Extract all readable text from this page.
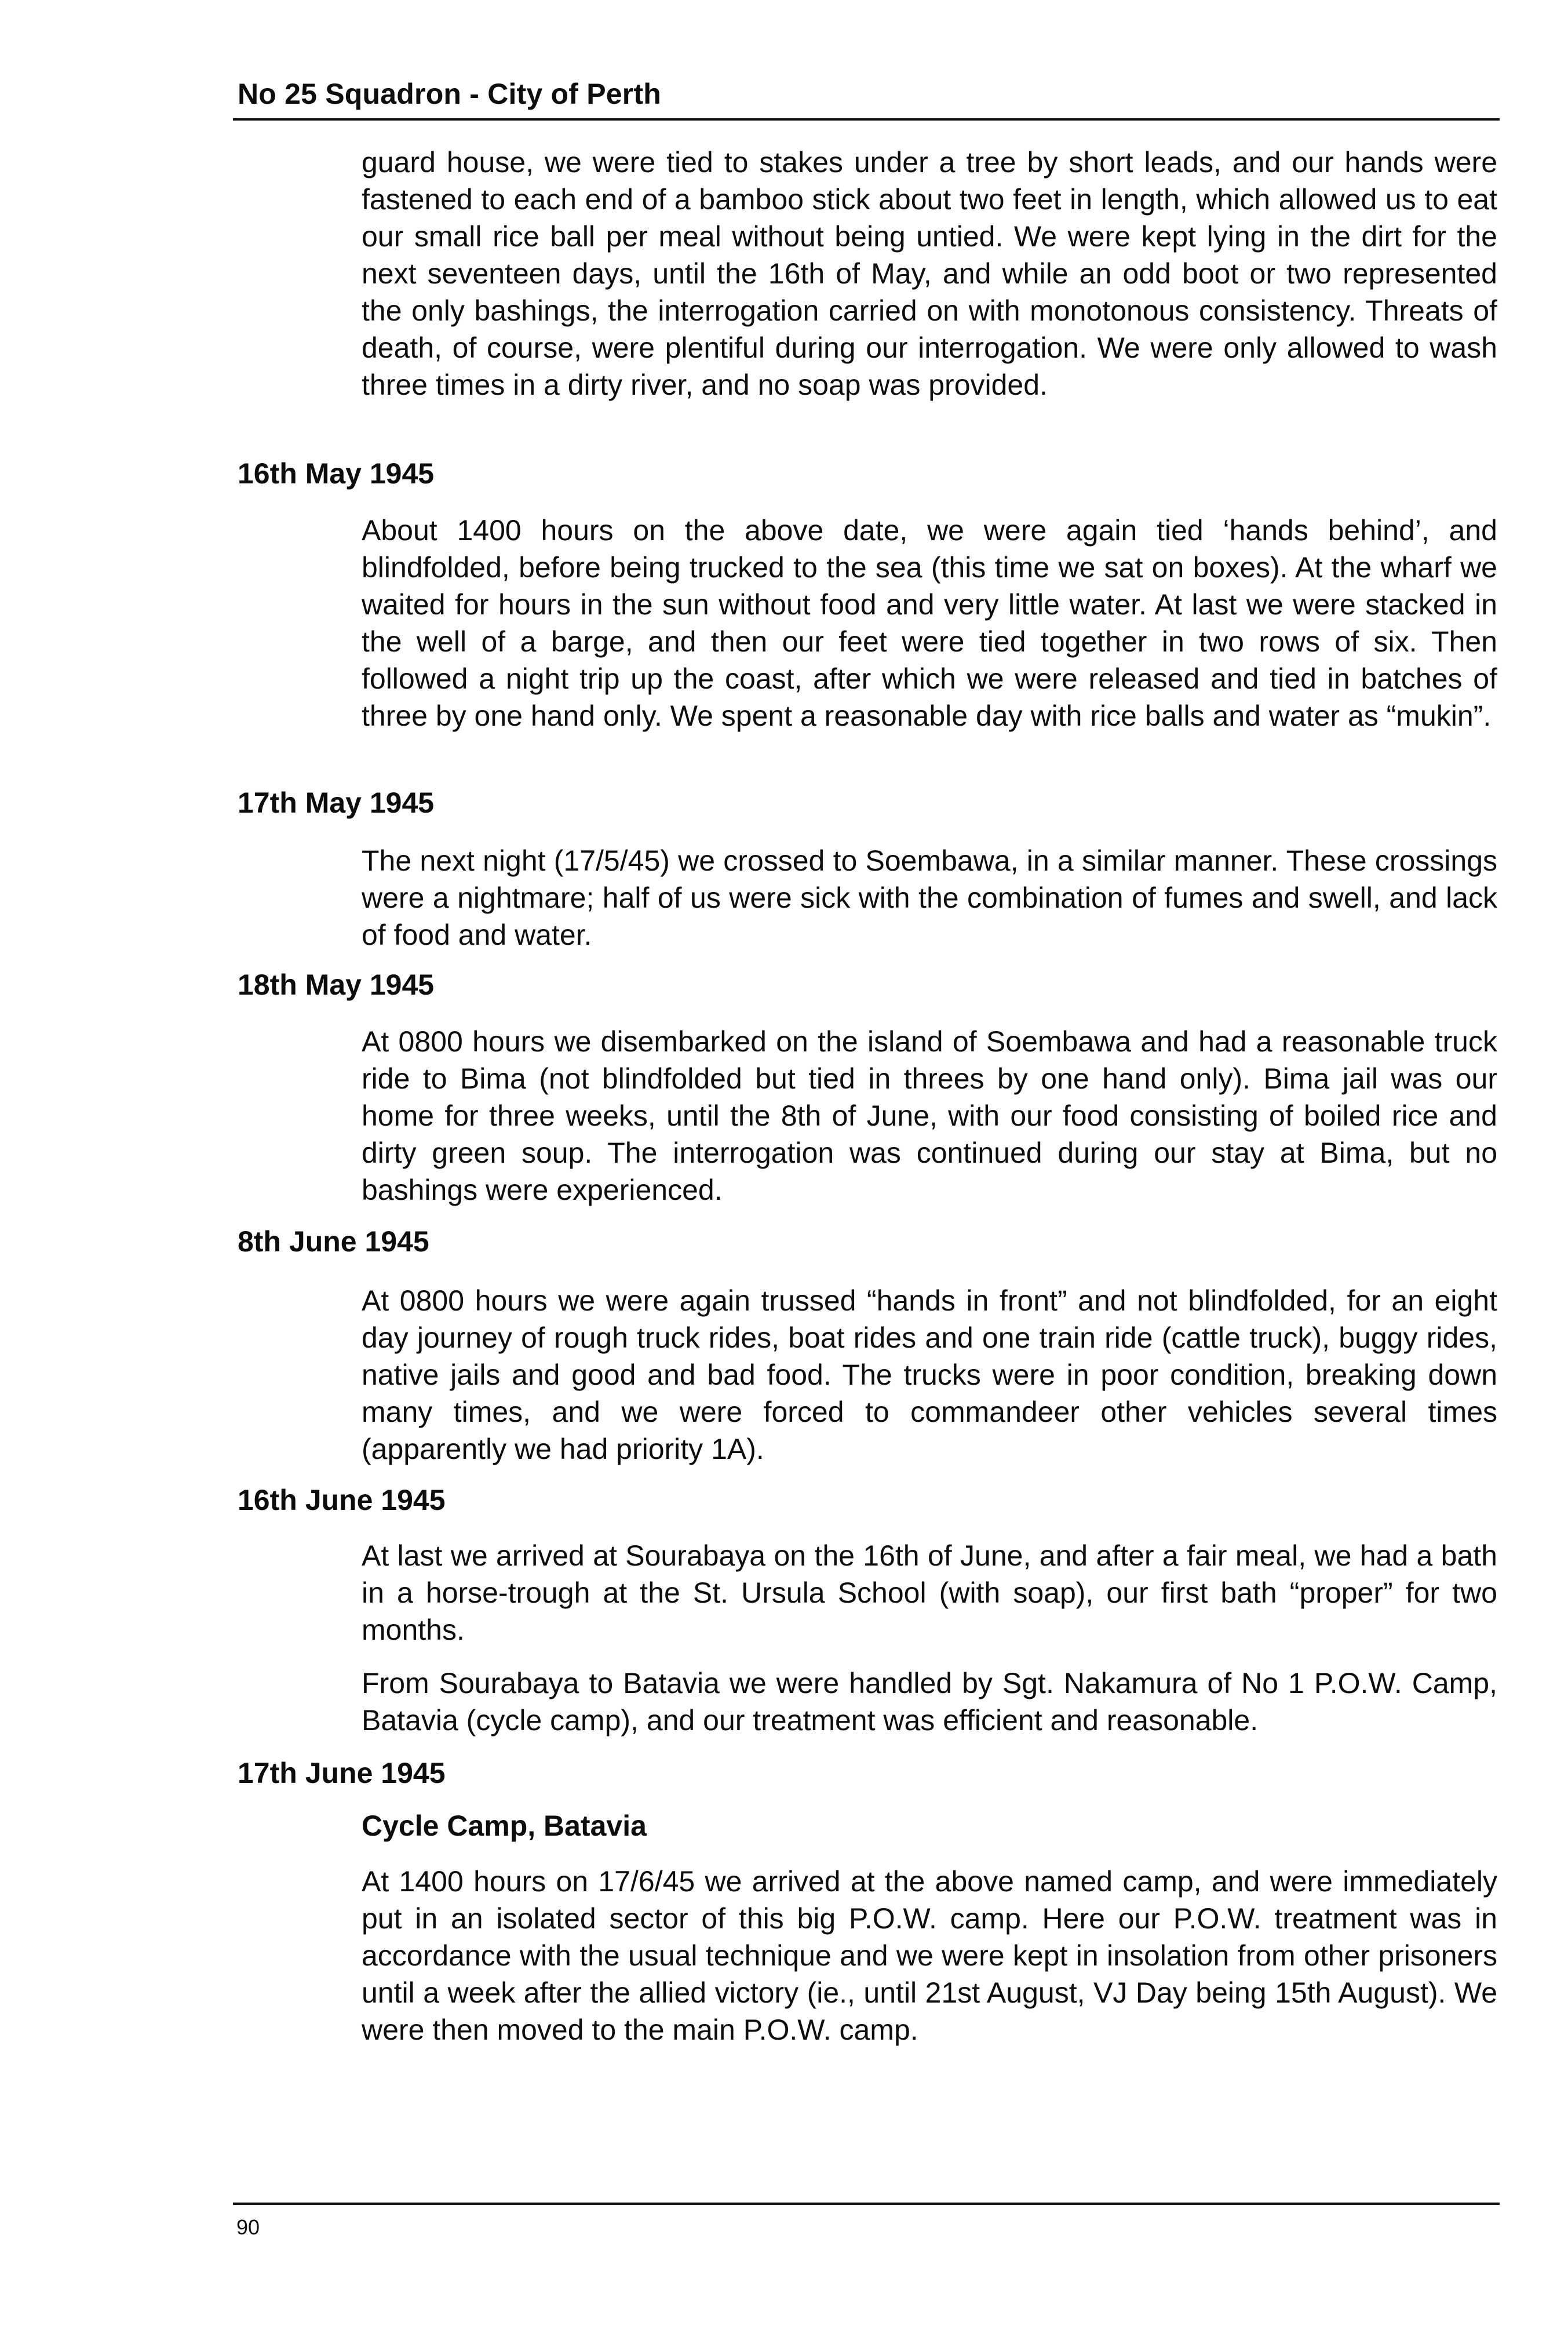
No 25 Squadron - City of Perth

guard house, we were tied to stakes under a tree by short leads, and our hands were fastened to each end of a bamboo stick about two feet in length, which allowed us to eat our small rice ball per meal without being untied. We were kept lying in the dirt for the next seventeen days, until the 16th of May, and while an odd boot or two represented the only bashings, the interrogation carried on with monotonous consistency. Threats of death, of course, were plentiful during our interrogation. We were only allowed to wash three times in a dirty river, and no soap was provided.

16th May 1945

About 1400 hours on the above date, we were again tied ‘hands behind’, and blindfolded, before being trucked to the sea (this time we sat on boxes). At the wharf we waited for hours in the sun without food and very little water. At last we were stacked in the well of a barge, and then our feet were tied together in two rows of six. Then followed a night trip up the coast, after which we were released and tied in batches of three by one hand only. We spent a reasonable day with rice balls and water as “mukin”.

17th May 1945

The next night (17/5/45) we crossed to Soembawa, in a similar manner. These crossings were a nightmare; half of us were sick with the combination of fumes and swell, and lack of food and water.

18th May 1945

At 0800 hours we disembarked on the island of Soembawa and had a reasonable truck ride to Bima (not blindfolded but tied in threes by one hand only). Bima jail was our home for three weeks, until the 8th of June, with our food consisting of boiled rice and dirty green soup. The interrogation was continued during our stay at Bima, but no bashings were experienced.

8th June 1945

At 0800 hours we were again trussed “hands in front” and not blindfolded, for an eight day journey of rough truck rides, boat rides and one train ride (cattle truck), buggy rides, native jails and good and bad food. The trucks were in poor condition, breaking down many times, and we were forced to commandeer other vehicles several times (apparently we had priority 1A).

16th June 1945

At last we arrived at Sourabaya on the 16th of June, and after a fair meal, we had a bath in a horse-trough at the St. Ursula School (with soap), our first bath “proper” for two months.

From Sourabaya to Batavia we were handled by Sgt. Nakamura of No 1 P.O.W. Camp, Batavia (cycle camp), and our treatment was efficient and reasonable.

17th June 1945

Cycle Camp, Batavia

At 1400 hours on 17/6/45 we arrived at the above named camp, and were immediately put in an isolated sector of this big P.O.W. camp. Here our P.O.W. treatment was in accordance with the usual technique and we were kept in insolation from other prisoners until a week after the allied victory (ie., until 21st August, VJ Day being 15th August). We were then moved to the main P.O.W. camp.

90
